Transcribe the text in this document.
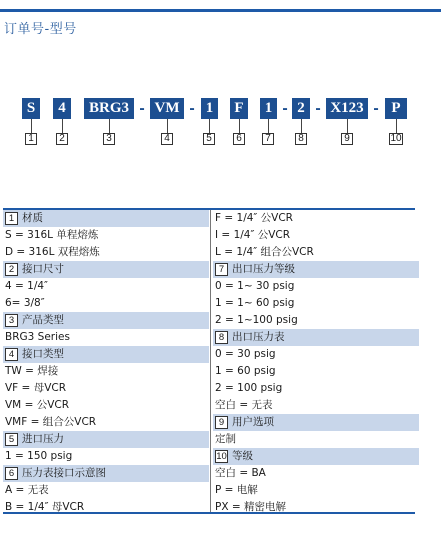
订单号-型号
S	4	BRG3 - VM - 1	F	1 - 2 - X123 - P
1	2	3	4	5	6	7	8	9	10
1 材质
S = 316L 单程熔炼
D = 316L 双程熔炼
2 接口尺寸
4 = 1/4″
6= 3/8″
3 产品类型
BRG3 Series
4 接口类型
TW = 焊接
VF = 母VCR
VM = 公VCR
VMF = 组合公VCR
5 进口压力
1 = 150 psig
6 压力表接口示意图
A = 无表
B = 1/4″ 母VCR
F = 1/4″ 公VCR
I = 1/4″ 公VCR
L = 1/4″ 组合公VCR
7 出口压力等级
0 = 1~ 30 psig
1 = 1~ 60 psig
2 = 1~100 psig
8 出口压力表
0 = 30 psig
1 = 60 psig
2 = 100 psig
空白 = 无表
9 用户选项
定制
10 等级
空白 = BA
P = 电解
PX = 精密电解
